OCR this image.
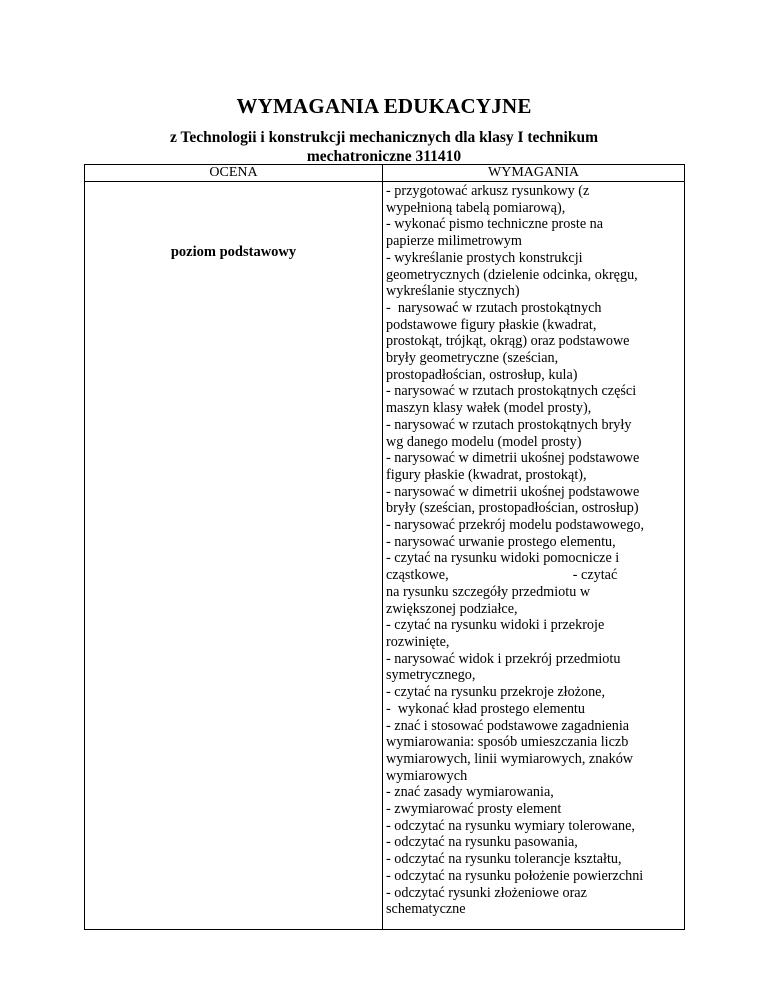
WYMAGANIA EDUKACYJNE
z Technologii i konstrukcji mechanicznych dla klasy I technikum
mechatroniczne 311410
OCENA	WYMAGANIA
poziom podstawowy
- przygotować arkusz rysunkowy (z
wypełnioną tabelą pomiarową),
- wykonać pismo techniczne proste na
papierze milimetrowym
- wykreślanie prostych konstrukcji
geometrycznych (dzielenie odcinka, okręgu,
wykreślanie stycznych)
-  narysować w rzutach prostokątnych
podstawowe figury płaskie (kwadrat,
prostokąt, trójkąt, okrąg) oraz podstawowe
bryły geometryczne (sześcian,
prostopadłościan, ostrosłup, kula)
- narysować w rzutach prostokątnych części
maszyn klasy wałek (model prosty),
- narysować w rzutach prostokątnych bryły
wg danego modelu (model prosty)
- narysować w dimetrii ukośnej podstawowe
figury płaskie (kwadrat, prostokąt),
- narysować w dimetrii ukośnej podstawowe
bryły (sześcian, prostopadłościan, ostrosłup)
- narysować przekrój modelu podstawowego,
- narysować urwanie prostego elementu,
- czytać na rysunku widoki pomocnicze i
cząstkowe,                                   - czytać
na rysunku szczegóły przedmiotu w
zwiększonej podziałce,
- czytać na rysunku widoki i przekroje
rozwinięte,
- narysować widok i przekrój przedmiotu
symetrycznego,
- czytać na rysunku przekroje złożone,
-  wykonać kład prostego elementu
- znać i stosować podstawowe zagadnienia
wymiarowania: sposób umieszczania liczb
wymiarowych, linii wymiarowych, znaków
wymiarowych
- znać zasady wymiarowania,
- zwymiarować prosty element
- odczytać na rysunku wymiary tolerowane,
- odczytać na rysunku pasowania,
- odczytać na rysunku tolerancje kształtu,
- odczytać na rysunku położenie powierzchni
- odczytać rysunki złożeniowe oraz
schematyczne
